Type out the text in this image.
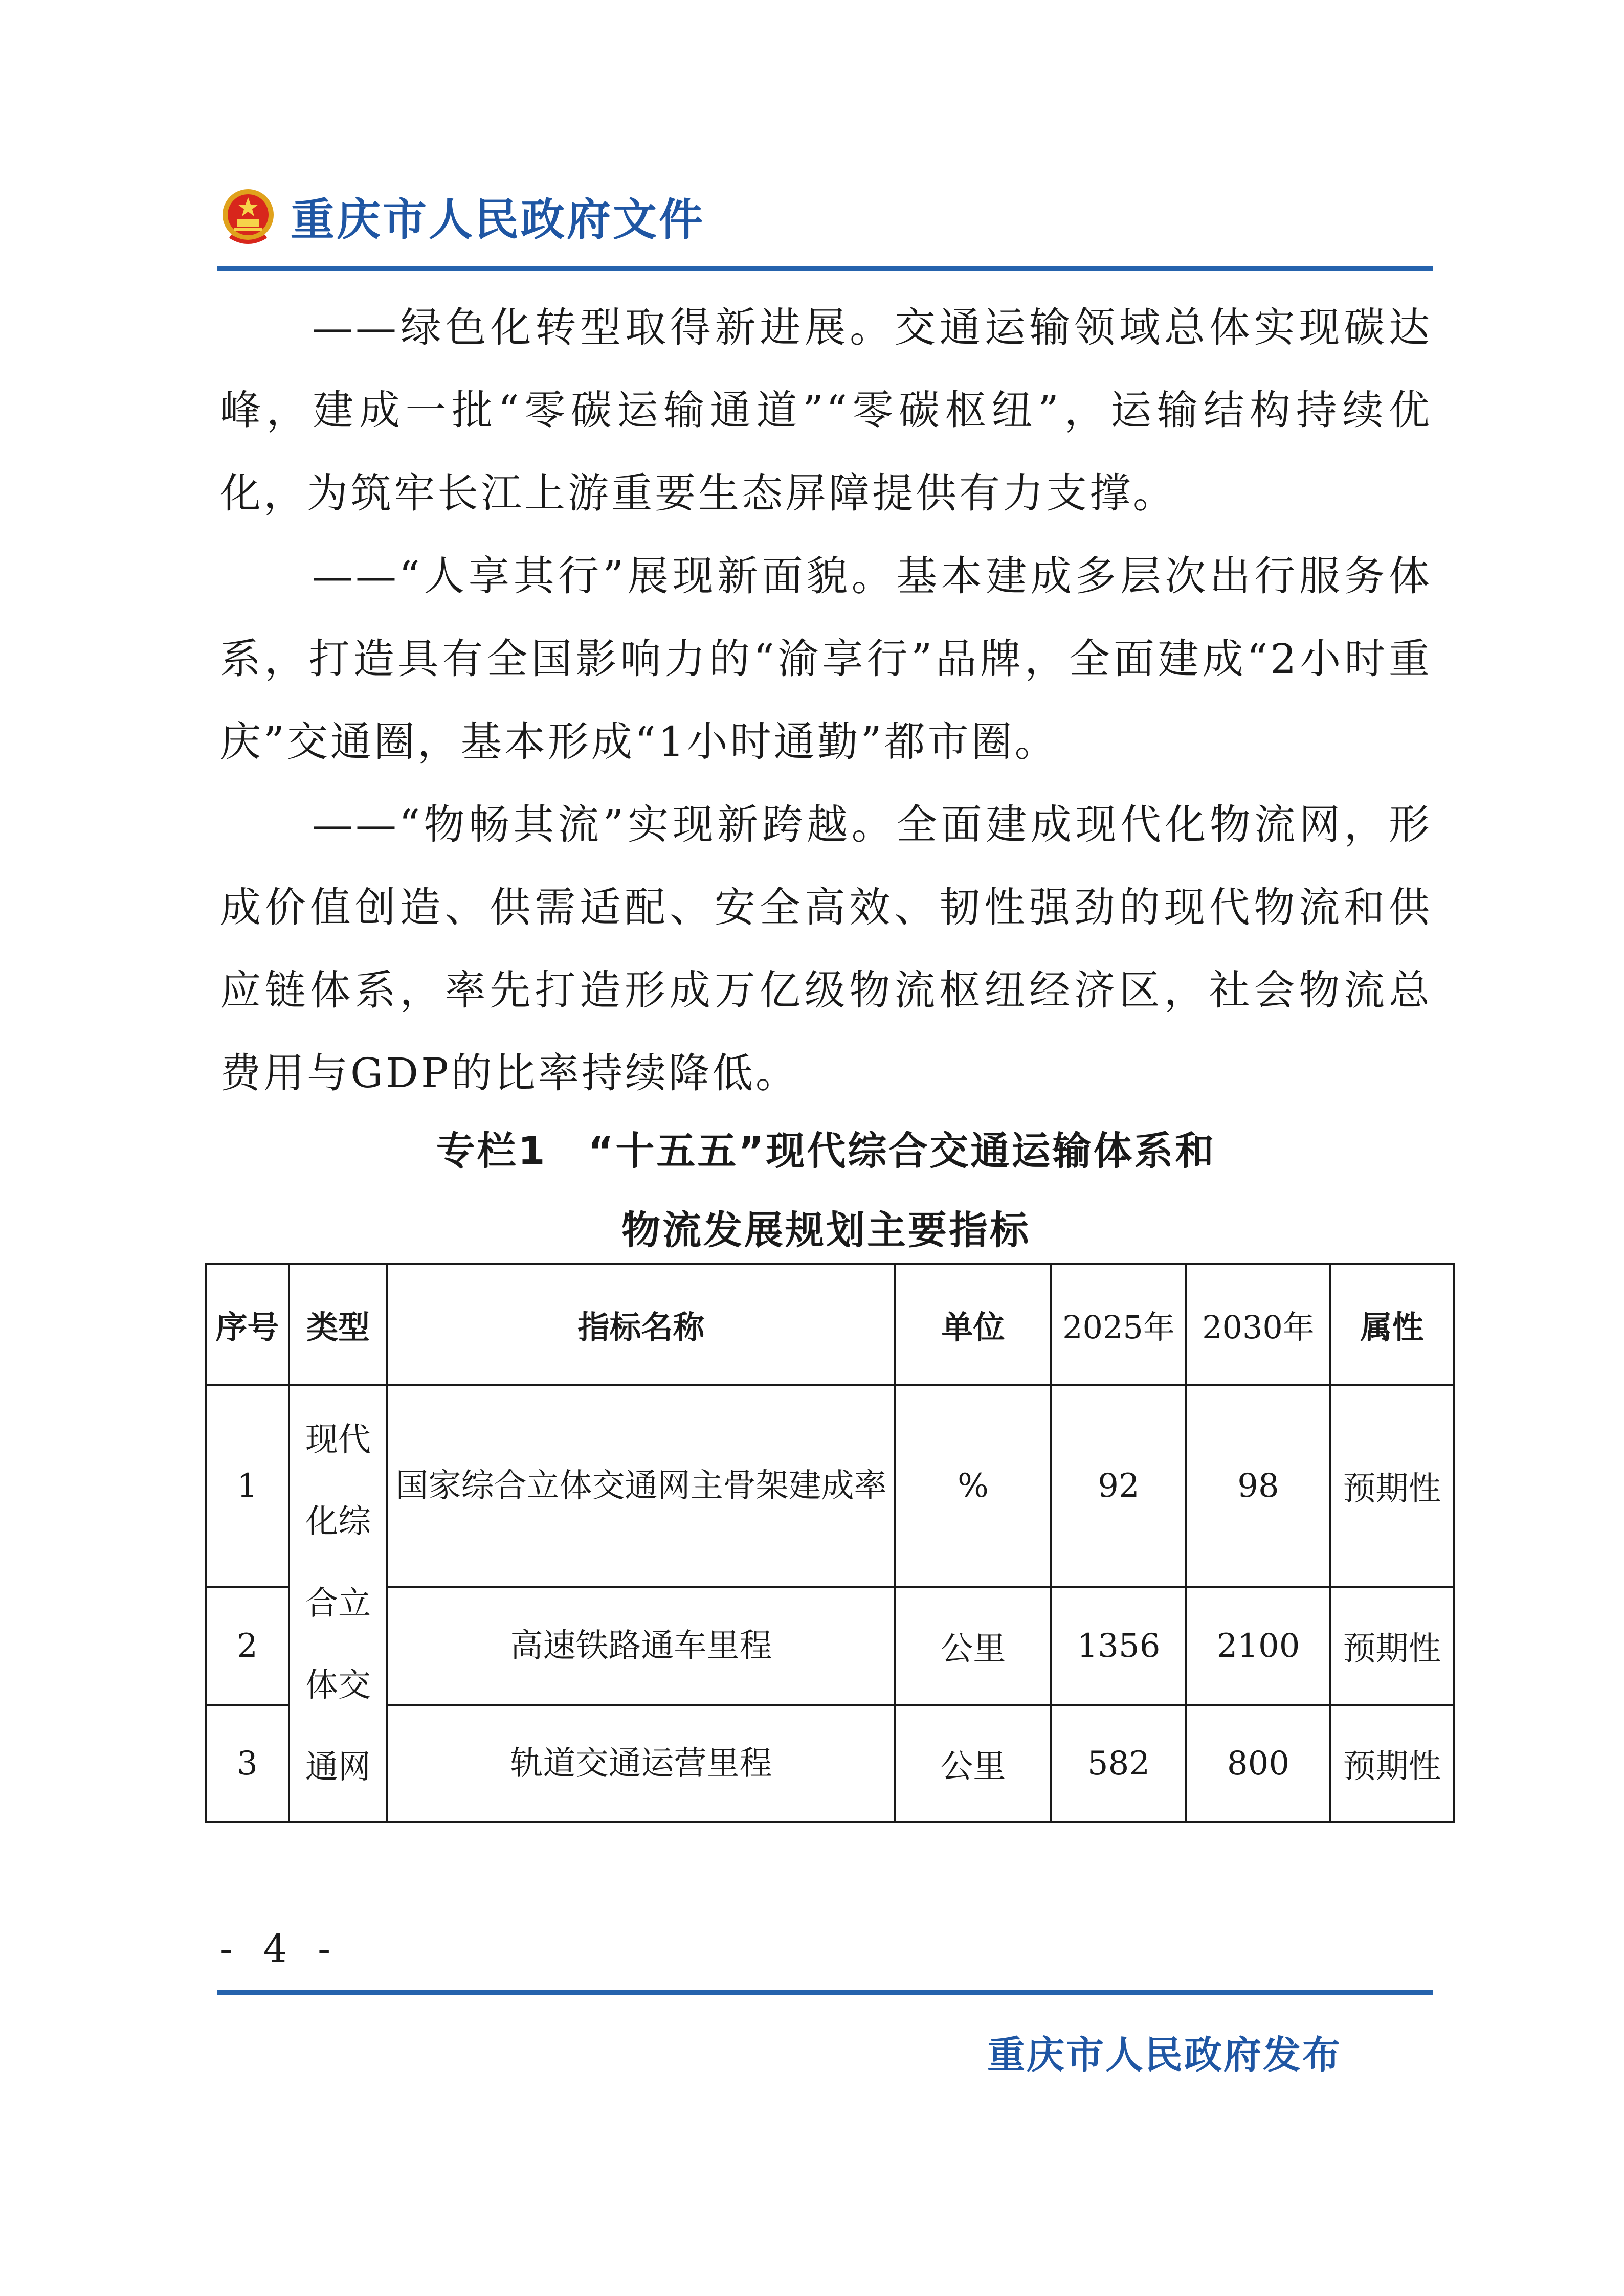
重庆市人民政府文件

——绿色化转型取得新进展。交通运输领域总体实现碳达峰，建成一批“零碳运输通道”“零碳枢纽”，运输结构持续优化，为筑牢长江上游重要生态屏障提供有力支撑。

——“人享其行”展现新面貌。基本建成多层次出行服务体系，打造具有全国影响力的“渝享行”品牌，全面建成“2小时重庆”交通圈，基本形成“1小时通勤”都市圈。

——“物畅其流”实现新跨越。全面建成现代化物流网，形成价值创造、供需适配、安全高效、韧性强劲的现代物流和供应链体系，率先打造形成万亿级物流枢纽经济区，社会物流总费用与GDP的比率持续降低。

专栏1　“十五五”现代综合交通运输体系和
物流发展规划主要指标
序号	类型	指标名称	单位	2025年	2030年	属性
1	现代化综合立体交通网	国家综合立体交通网主骨架建成率	%	92	98	预期性
2		高速铁路通车里程	公里	1356	2100	预期性
3		轨道交通运营里程	公里	582	800	预期性
- 4 -
重庆市人民政府发布
